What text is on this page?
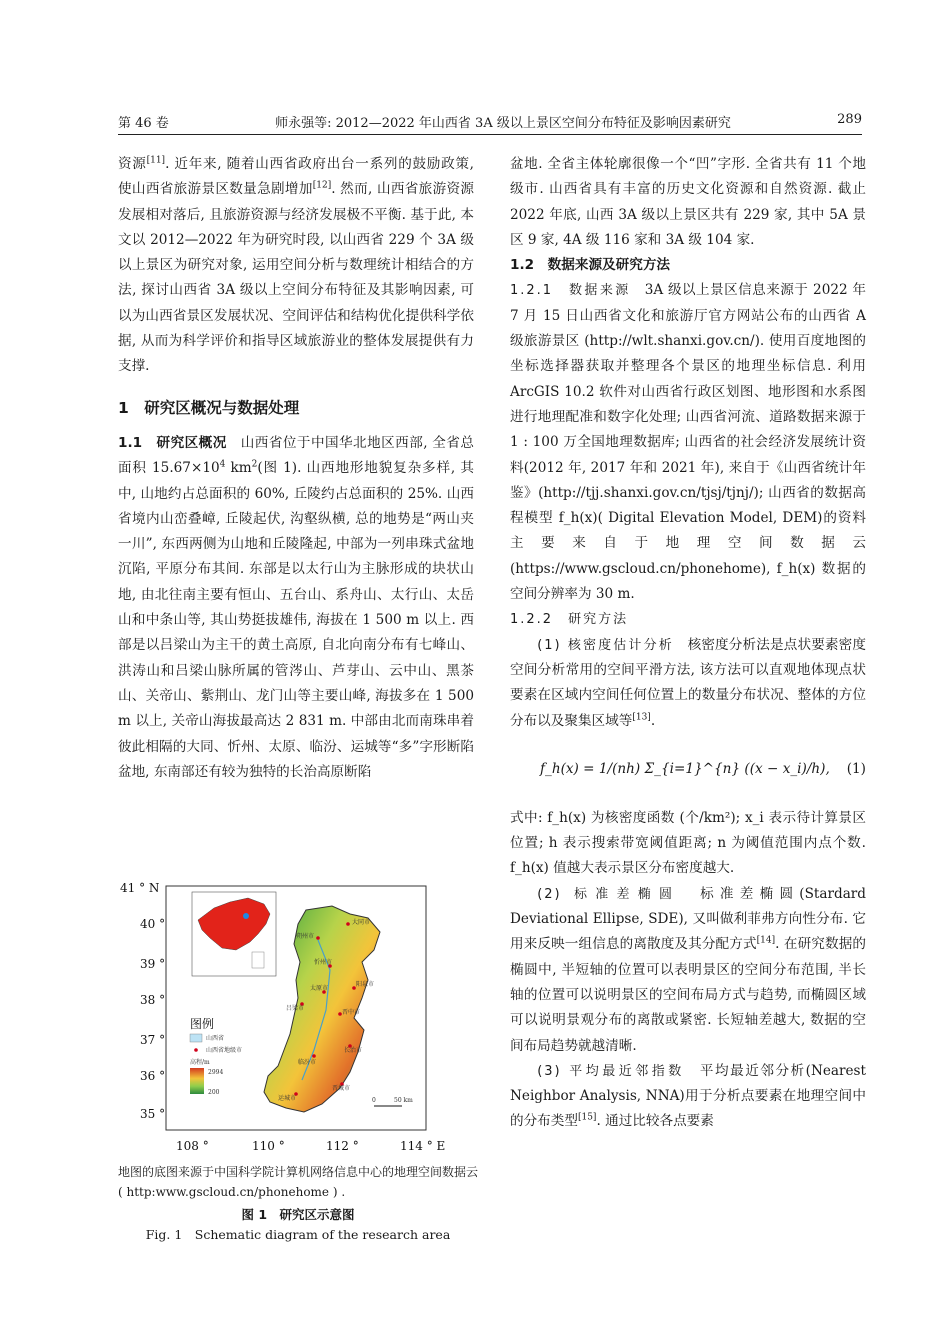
第 46 卷	师永强等: 2012—2022 年山西省 3A 级以上景区空间分布特征及影响因素研究	289

资源[11]. 近年来, 随着山西省政府出台一系列的鼓励政策, 使山西省旅游景区数量急剧增加[12]. 然而, 山西省旅游资源发展相对落后, 且旅游资源与经济发展极不平衡. 基于此, 本文以 2012—2022 年为研究时段, 以山西省 229 个 3A 级以上景区为研究对象, 运用空间分析与数理统计相结合的方法, 探讨山西省 3A 级以上空间分布特征及其影响因素, 可以为山西省景区发展状况、空间评估和结构优化提供科学依据, 从而为科学评价和指导区域旅游业的整体发展提供有力支撑.

1　研究区概况与数据处理

1.1　研究区概况　山西省位于中国华北地区西部, 全省总面积 $15.67\times 10^4$ $km^2$(图 1). 山西地形地貌复杂多样, 其中, 山地约占总面积的 60%, 丘陵约占总面积的 25%. 山西省境内山峦叠嶂, 丘陵起伏, 沟壑纵横, 总的地势是“两山夹一川”, 东西两侧为山地和丘陵隆起, 中部为一列串珠式盆地沉陷, 平原分布其间. 东部是以太行山为主脉形成的块状山地, 由北往南主要有恒山、五台山、系舟山、太行山、太岳山和中条山等, 其山势挺拔雄伟, 海拔在 1 500 m 以上. 西部是以吕梁山为主干的黄土高原, 自北向南分布有七峰山、洪涛山和吕梁山脉所属的管涔山、芦芽山、云中山、黑茶山、关帝山、紫荆山、龙门山等主要山峰, 海拔多在 1 500 m 以上, 关帝山海拔最高达 2 831 m. 中部由北而南珠串着彼此相隔的大同、忻州、太原、临汾、运城等“多”字形断陷盆地, 东南部还有较为独特的长治高原断陷

41 ° N
40 °
39 °
38 °
37 °
36 °
35 °
108 °	110 °	112 °	114 ° E
大同市
朔州市
忻州市
太原市
阳泉市
吕梁市
晋中市
长治市
临汾市
晋城市
运城市
图例
山西省
山西省地级市
高程/m
2994
200
0	50 km
地图的底图来源于中国科学院计算机网络信息中心的地理空间数据云 ( http:www.gscloud.cn/phonehome ) .
图 1　研究区示意图
Fig. 1　Schematic diagram of the research area

盆地. 全省主体轮廓很像一个“凹”字形. 全省共有 11 个地级市. 山西省具有丰富的历史文化资源和自然资源. 截止 2022 年底, 山西 3A 级以上景区共有 229 家, 其中 5A 景区 9 家, 4A 级 116 家和 3A 级 104 家.

1.2　数据来源及研究方法

1.2.1　数据来源　3A 级以上景区信息来源于 2022 年 7 月 15 日山西省文化和旅游厅官方网站公布的山西省 A 级旅游景区 (http://wlt.shanxi.gov.cn/). 使用百度地图的坐标选择器获取并整理各个景区的地理坐标信息. 利用 ArcGIS 10.2 软件对山西省行政区划图、地形图和水系图进行地理配准和数字化处理; 山西省河流、道路数据来源于 1 : 100 万全国地理数据库; 山西省的社会经济发展统计资料(2012 年, 2017 年和 2021 年), 来自于《山西省统计年鉴》(http://tjj.shanxi.gov.cn/tjsj/tjnj/); 山西省的数据高程模型 f_h(x)( Digital Elevation Model, DEM)的资料主要来自于地理空间数据云(https://www.gscloud.cn/phonehome), f_h(x) 数据的空间分辨率为 30 m.

1.2.2　研究方法

(1) 核密度估计分析　核密度分析法是点状要素密度空间分析常用的空间平滑方法, 该方法可以直观地体现点状要素在区域内空间任何位置上的数量分布状况、整体的方位分布以及聚集区域等[13].

f_h(x) = 1/(nh) Σ_{i=1}^{n} ((x − x_i)/h), (1)

式中: f_h(x) 为核密度函数 (个/km²); x_i 表示待计算景区位置; h 表示搜索带宽阈值距离; n 为阈值范围内点个数. f_h(x) 值越大表示景区分布密度越大.

(2) 标准差椭圆　标准差椭圆(Stardard Deviational Ellipse, SDE), 又叫做利菲弗方向性分布. 它用来反映一组信息的离散度及其分配方式[14]. 在研究数据的椭圆中, 半短轴的位置可以表明景区的空间分布范围, 半长轴的位置可以说明景区的空间布局方式与趋势, 而椭圆区域可以说明景观分布的离散或紧密. 长短轴差越大, 数据的空间布局趋势就越清晰.

(3) 平均最近邻指数　平均最近邻分析(Nearest Neighbor Analysis, NNA)用于分析点要素在地理空间中的分布类型[15]. 通过比较各点要素
